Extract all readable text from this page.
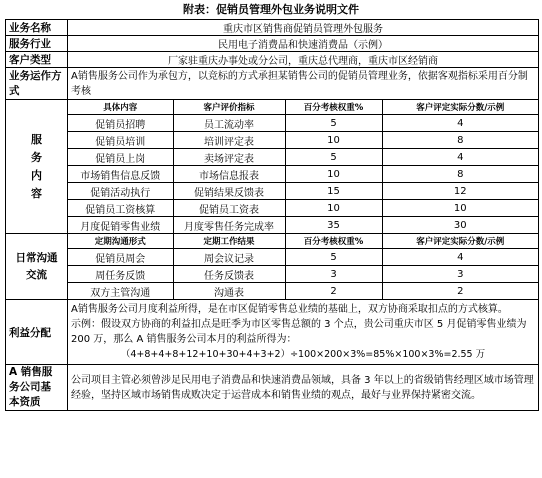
附表：促销员管理外包业务说明文件
业务名称	重庆市区销售商促销员管理外包服务
服务行业	民用电子消费品和快速消费品（示例）
客户类型	厂家驻重庆办事处或分公司，重庆总代理商，重庆市区经销商
业务运作方式	A销售服务公司作为承包方，以竞标的方式承担某销售公司的促销员管理业务，依据客观指标采用百分制考核

服
务
内
容

具体内容	客户评价指标	百分考核权重%	客户评定实际分数/示例
促销员招聘	员工流动率	5	4
促销员培训	培训评定表	10	8
促销员上岗	卖场评定表	5	4
市场销售信息反馈	市场信息报表	10	8
促销活动执行	促销结果反馈表	15	12
促销员工资核算	促销员工资表	10	10
月度促销零售业绩	月度零售任务完成率	35	30

日常沟通
交流

定期沟通形式	定期工作结果	百分考核权重%	客户评定实际分数/示例
促销员周会	周会议记录	5	4
周任务反馈	任务反馈表	3	3
双方主管沟通	沟通表	2	2

利益分配	
A销售服务公司月度利益所得，是在市区促销零售总业绩的基础上，双方协商采取扣点的方式核算。
示例：假设双方协商的利益扣点是旺季为市区零售总额的 3 个点，贵公司重庆市区 5 月促销零售业绩为 200 万，那么 A 销售服务公司本月的利益所得为：
（4+8+4+8+12+10+30+4+3+2）÷100×200×3%=85%×100×3%=2.55 万

A 销售服
务公司基
本资质
	公司项目主管必须曾涉足民用电子消费品和快速消费品领域，具备 3 年以上的省级销售经理区域市场管理经验，坚持区域市场销售成败决定于运营成本和销售业绩的观点，最好与业界保持紧密交流。
